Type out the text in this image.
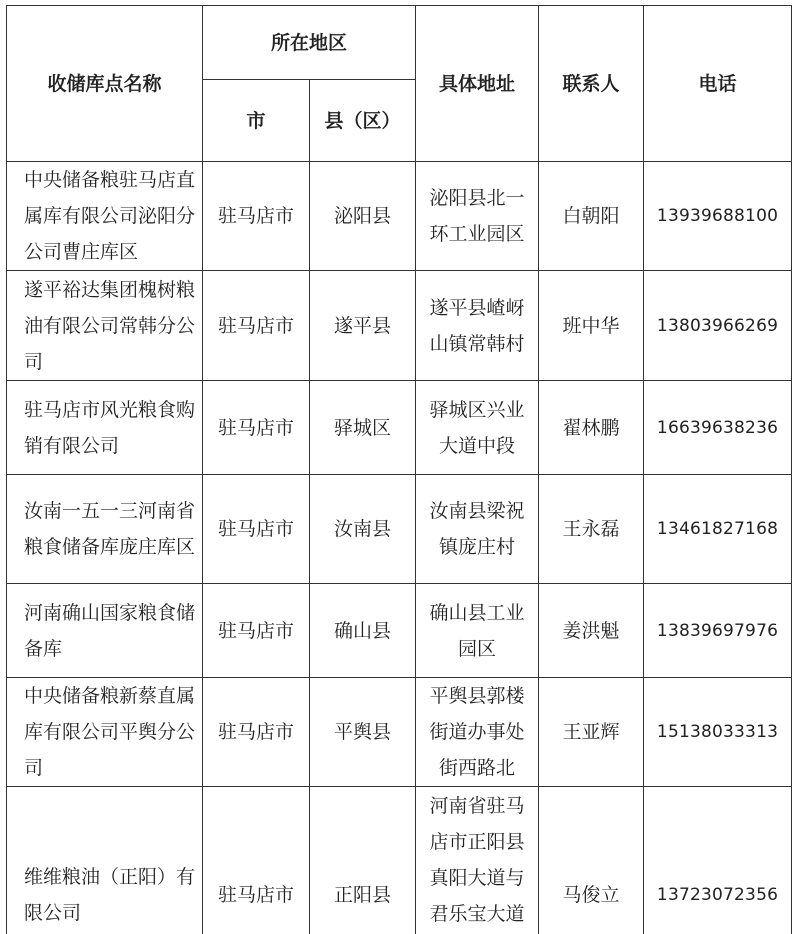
收储库点名称	所在地区		具体地址	联系人	电话
	市	县（区）			
中央储备粮驻马店直属库有限公司泌阳分公司曹庄库区	驻马店市	泌阳县	泌阳县北一环工业园区	白朝阳	13939688100
遂平裕达集团槐树粮油有限公司常韩分公司	驻马店市	遂平县	遂平县嵖岈山镇常韩村	班中华	13803966269
驻马店市风光粮食购销有限公司	驻马店市	驿城区	驿城区兴业大道中段	翟林鹏	16639638236
汝南一五一三河南省粮食储备库庞庄库区	驻马店市	汝南县	汝南县梁祝镇庞庄村	王永磊	13461827168
河南确山国家粮食储备库	驻马店市	确山县	确山县工业园区	姜洪魁	13839697976
中央储备粮新蔡直属库有限公司平舆分公司	驻马店市	平舆县	平舆县郭楼街道办事处街西路北	王亚辉	15138033313
维维粮油（正阳）有限公司	驻马店市	正阳县	河南省驻马店市正阳县真阳大道与君乐宝大道	马俊立	13723072356
